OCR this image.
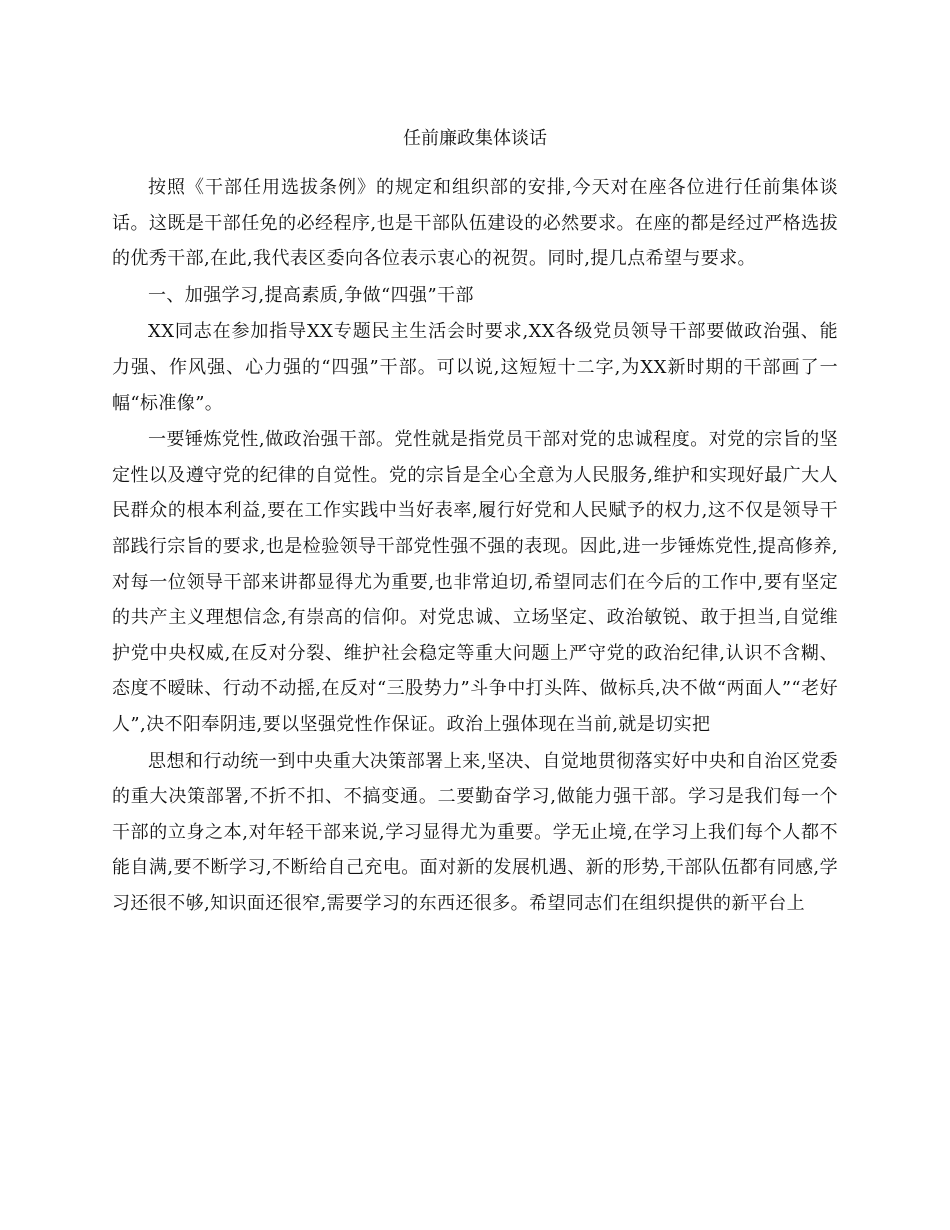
任前廉政集体谈话

按照《干部任用选拔条例》的规定和组织部的安排,今天对在座各位进行任前集体谈话。这既是干部任免的必经程序,也是干部队伍建设的必然要求。在座的都是经过严格选拔的优秀干部,在此,我代表区委向各位表示衷心的祝贺。同时,提几点希望与要求。

一、加强学习,提高素质,争做“四强”干部

XX同志在参加指导XX专题民主生活会时要求,XX各级党员领导干部要做政治强、能力强、作风强、心力强的“四强”干部。可以说,这短短十二字,为XX新时期的干部画了一幅“标准像”。

一要锤炼党性,做政治强干部。党性就是指党员干部对党的忠诚程度。对党的宗旨的坚定性以及遵守党的纪律的自觉性。党的宗旨是全心全意为人民服务,维护和实现好最广大人民群众的根本利益,要在工作实践中当好表率,履行好党和人民赋予的权力,这不仅是领导干部践行宗旨的要求,也是检验领导干部党性强不强的表现。因此,进一步锤炼党性,提高修养,对每一位领导干部来讲都显得尤为重要,也非常迫切,希望同志们在今后的工作中,要有坚定的共产主义理想信念,有崇高的信仰。对党忠诚、立场坚定、政治敏锐、敢于担当,自觉维护党中央权威,在反对分裂、维护社会稳定等重大问题上严守党的政治纪律,认识不含糊、态度不暧昧、行动不动摇,在反对“三股势力”斗争中打头阵、做标兵,决不做“两面人”“老好人”,决不阳奉阴违,要以坚强党性作保证。政治上强体现在当前,就是切实把

思想和行动统一到中央重大决策部署上来,坚决、自觉地贯彻落实好中央和自治区党委的重大决策部署,不折不扣、不搞变通。二要勤奋学习,做能力强干部。学习是我们每一个干部的立身之本,对年轻干部来说,学习显得尤为重要。学无止境,在学习上我们每个人都不能自满,要不断学习,不断给自己充电。面对新的发展机遇、新的形势,干部队伍都有同感,学习还很不够,知识面还很窄,需要学习的东西还很多。希望同志们在组织提供的新平台上
